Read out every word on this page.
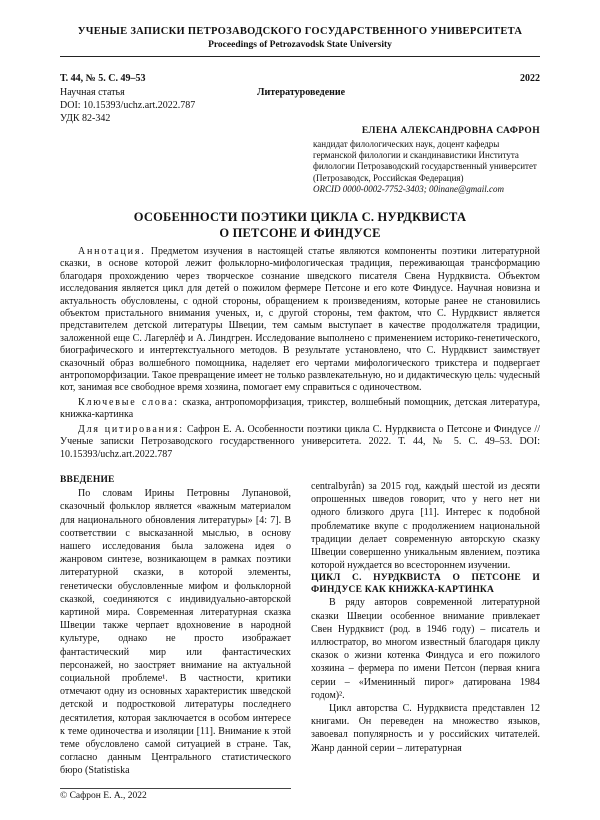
УЧЕНЫЕ ЗАПИСКИ ПЕТРОЗАВОДСКОГО ГОСУДАРСТВЕННОГО УНИВЕРСИТЕТА
Proceedings of Petrozavodsk State University
Т. 44, № 5. С. 49–53	2022
Научная статья	Литературоведение
DOI: 10.15393/uchz.art.2022.787
УДК 82-342
ЕЛЕНА АЛЕКСАНДРОВНА САФРОН
кандидат филологических наук, доцент кафедры германской филологии и скандинавистики Института филологии Петрозаводский государственный университет (Петрозаводск, Российская Федерация)
ORCID 0000-0002-7752-3403; 00inane@gmail.com
ОСОБЕННОСТИ ПОЭТИКИ ЦИКЛА С. НУРДКВИСТА
О ПЕТСОНЕ И ФИНДУСЕ

Аннотация. Предметом изучения в настоящей статье являются компоненты поэтики литературной сказки, в основе которой лежит фольклорно-мифологическая традиция, переживающая трансформацию благодаря прохождению через творческое сознание шведского писателя Свена Нурдквиста. Объектом исследования является цикл для детей о пожилом фермере Петсоне и его коте Финдусе. Научная новизна и актуальность обусловлены, с одной стороны, обращением к произведениям, которые ранее не становились объектом пристального внимания ученых, и, с другой стороны, тем фактом, что С. Нурдквист является представителем детской литературы Швеции, тем самым выступает в качестве продолжателя традиции, заложенной еще С. Лагерлёф и А. Линдгрен. Исследование выполнено с применением историко-генетического, биографического и интертекстуального методов. В результате установлено, что С. Нурдквист заимствует сказочный образ волшебного помощника, наделяет его чертами мифологического трикстера и подвергает антропоморфизации. Такое превращение имеет не только развлекательную, но и дидактическую цель: чудесный кот, занимая все свободное время хозяина, помогает ему справиться с одиночеством.

Ключевые слова: сказка, антропоморфизация, трикстер, волшебный помощник, детская литература, книжка-картинка

Для цитирования: Сафрон Е. А. Особенности поэтики цикла С. Нурдквиста о Петсоне и Финдусе // Ученые записки Петрозаводского государственного университета. 2022. Т. 44, № 5. С. 49–53. DOI: 10.15393/uchz.art.2022.787

ВВЕДЕНИЕ

По словам Ирины Петровны Лупановой, сказочный фольклор является «важным материалом для национального обновления литературы» [4: 7]. В соответствии с высказанной мыслью, в основу нашего исследования была заложена идея о жанровом синтезе, возникающем в рамках поэтики литературной сказки, в которой элементы, генетически обусловленные мифом и фольклорной сказкой, соединяются с индивидуально-авторской картиной мира. Современная литературная сказка Швеции также черпает вдохновение в народной культуре, однако не просто изображает фантастический мир или фантастических персонажей, но заостряет внимание на актуальной социальной проблеме¹. В частности, критики отмечают одну из основных характеристик шведской детской и подростковой литературы последнего десятилетия, которая заключается в особом интересе к теме одиночества и изоляции [11]. Внимание к этой теме обусловлено самой ситуацией в стране. Так, согласно данным Центрального статистического бюро (Statistiska

centralbyrån) за 2015 год, каждый шестой из десяти опрошенных шведов говорит, что у него нет ни одного близкого друга [11]. Интерес к подобной проблематике вкупе с продолжением национальной традиции делает современную авторскую сказку Швеции совершенно уникальным явлением, поэтика которой нуждается во всестороннем изучении.

ЦИКЛ С. НУРДКВИСТА О ПЕТСОНЕ И ФИНДУСЕ КАК КНИЖКА-КАРТИНКА

В ряду авторов современной литературной сказки Швеции особенное внимание привлекает Свен Нурдквист (род. в 1946 году) – писатель и иллюстратор, во многом известный благодаря циклу сказок о жизни котенка Финдуса и его пожилого хозяина – фермера по имени Петсон (первая книга серии – «Именинный пирог» датирована 1984 годом)².

Цикл авторства С. Нурдквиста представлен 12 книгами. Он переведен на множество языков, завоевал популярность и у российских читателей. Жанр данной серии – литературная

© Сафрон Е. А., 2022
